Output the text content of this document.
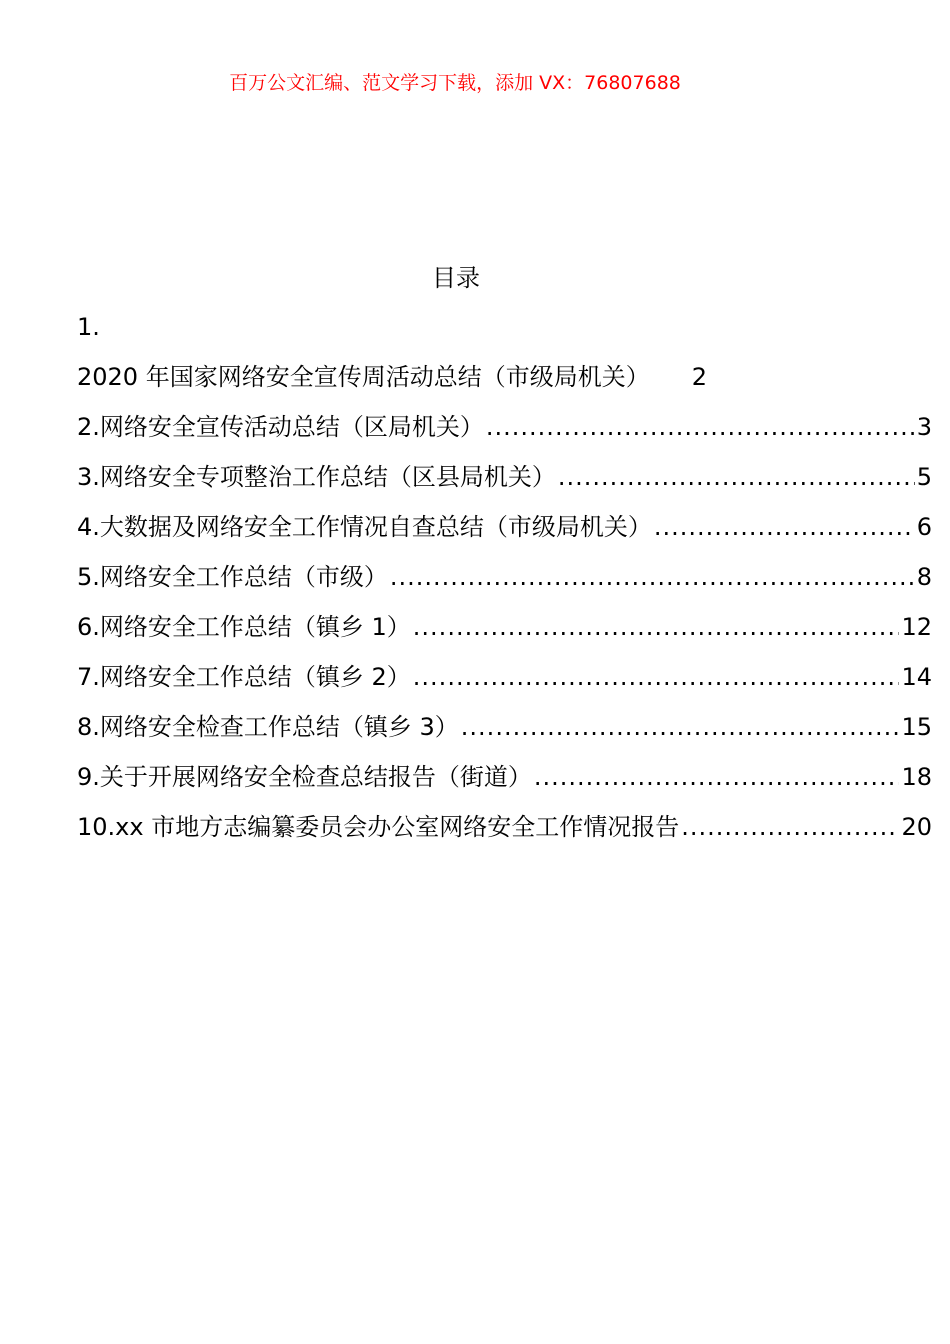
百万公文汇编、范文学习下载，添加 VX：76807688
目录
1.
2020 年国家网络安全宣传周活动总结（市级局机关） 2
2.网络安全宣传活动总结（区局机关） .....	3
3.网络安全专项整治工作总结（区县局机关） .....	5
4.大数据及网络安全工作情况自查总结（市级局机关） .....	6
5.网络安全工作总结（市级） .....	8
6.网络安全工作总结（镇乡 1） .....	12
7.网络安全工作总结（镇乡 2） .....	14
8.网络安全检查工作总结（镇乡 3） .....	15
9.关于开展网络安全检查总结报告（街道） .....	18
10.xx 市地方志编纂委员会办公室网络安全工作情况报告 .....	20
